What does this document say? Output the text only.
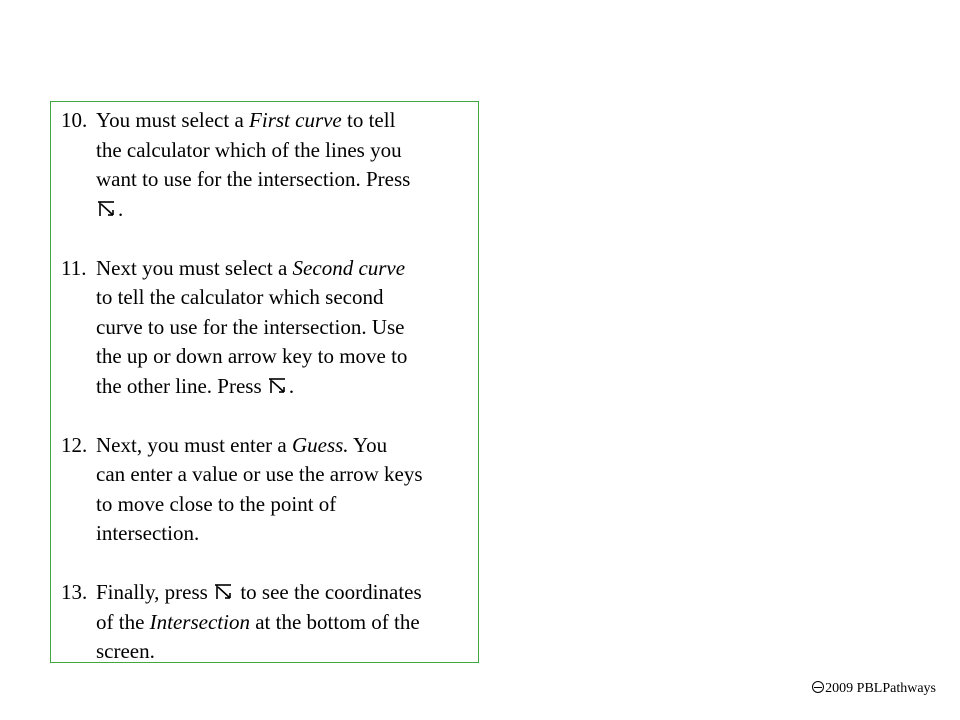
10. You must select a First curve to tell
the calculator which of the lines you
want to use for the intersection. Press
.
11. Next you must select a Second curve
to tell the calculator which second
curve to use for the intersection. Use
the up or down arrow key to move to
the other line. Press
.
12. Next, you must enter a Guess. You
can enter a value or use the arrow keys
to move close to the point of
intersection.
13. Finally, press
to see the coordinates
of the Intersection at the bottom of the
screen.
2009 PBLPathways
